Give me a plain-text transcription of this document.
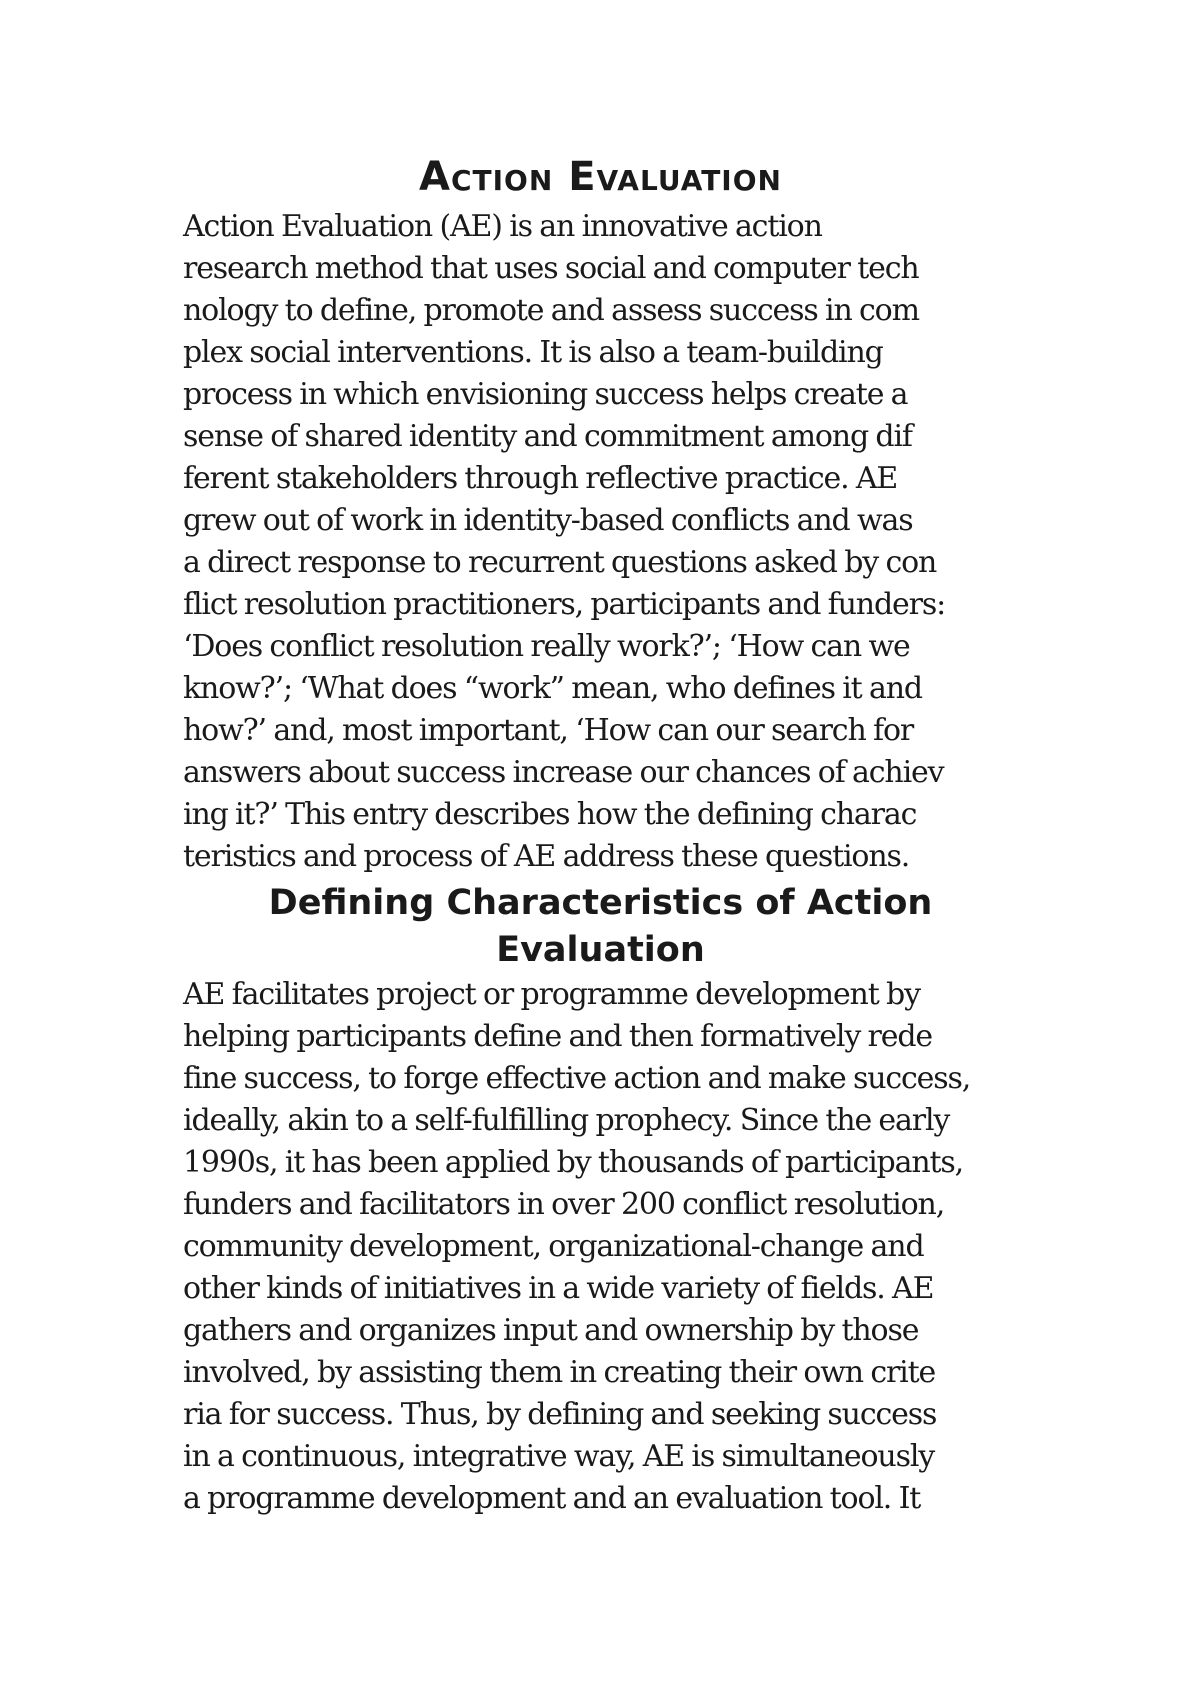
Action Evaluation
Action Evaluation (AE) is an innovative action
research method that uses social and computer tech
nology to define, promote and assess success in com
plex social interventions. It is also a team-building
process in which envisioning success helps create a
sense of shared identity and commitment among dif
ferent stakeholders through reflective practice. AE
grew out of work in identity-based conflicts and was
a direct response to recurrent questions asked by con
flict resolution practitioners, participants and funders:
‘Does conflict resolution really work?’; ‘How can we
know?’; ‘What does “work” mean, who defines it and
how?’ and, most important, ‘How can our search for
answers about success increase our chances of achiev
ing it?’ This entry describes how the defining charac
teristics and process of AE address these questions.
Defining Characteristics of Action
Evaluation
AE facilitates project or programme development by
helping participants define and then formatively rede
fine success, to forge effective action and make success,
ideally, akin to a self-fulfilling prophecy. Since the early
1990s, it has been applied by thousands of participants,
funders and facilitators in over 200 conflict resolution,
community development, organizational-change and
other kinds of initiatives in a wide variety of fields. AE
gathers and organizes input and ownership by those
involved, by assisting them in creating their own crite
ria for success. Thus, by defining and seeking success
in a continuous, integrative way, AE is simultaneously
a programme development and an evaluation tool. It
